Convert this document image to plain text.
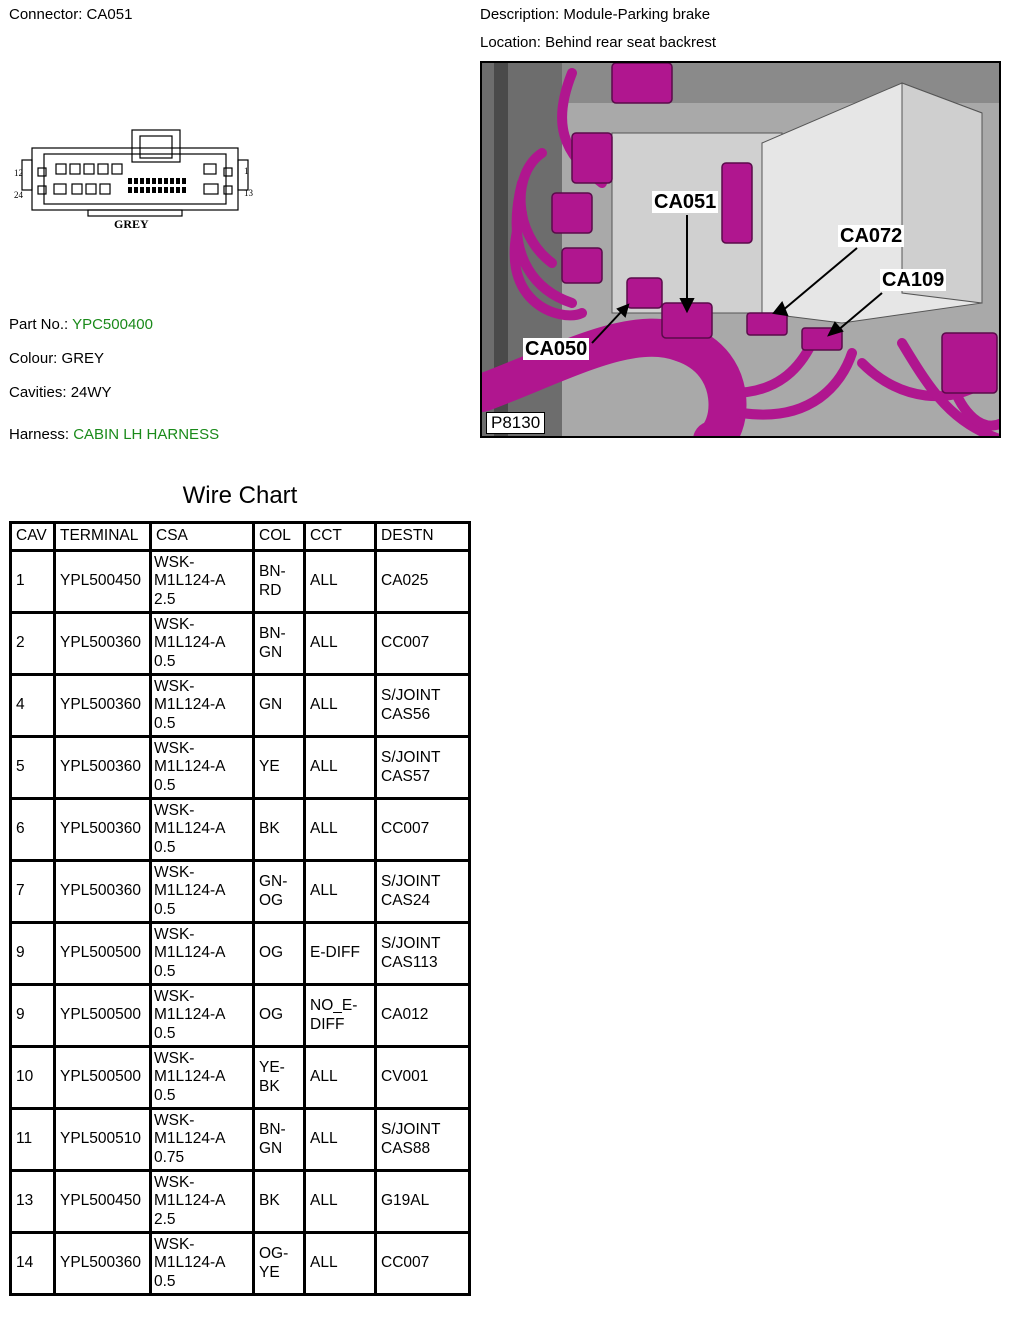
Connector: CA051	Description: Module-Parking brake
Location: Behind rear seat backrest
12	1
24	13
GREY
Part No.: YPC500400
Colour: GREY
Cavities: 24WY
Harness: CABIN LH HARNESS
CA051
CA072
CA109
CA050
P8130
Wire Chart
CAV	TERMINAL	CSA	COL	CCT	DESTN
1	YPL500450	WSK-M1L124-A 2.5	BN-RD	ALL	CA025
2	YPL500360	WSK-M1L124-A 0.5	BN-GN	ALL	CC007
4	YPL500360	WSK-M1L124-A 0.5	GN	ALL	S/JOINT CAS56
5	YPL500360	WSK-M1L124-A 0.5	YE	ALL	S/JOINT CAS57
6	YPL500360	WSK-M1L124-A 0.5	BK	ALL	CC007
7	YPL500360	WSK-M1L124-A 0.5	GN-OG	ALL	S/JOINT CAS24
9	YPL500500	WSK-M1L124-A 0.5	OG	E-DIFF	S/JOINT CAS113
9	YPL500500	WSK-M1L124-A 0.5	OG	NO_E-DIFF	CA012
10	YPL500500	WSK-M1L124-A 0.5	YE-BK	ALL	CV001
11	YPL500510	WSK-M1L124-A 0.75	BN-GN	ALL	S/JOINT CAS88
13	YPL500450	WSK-M1L124-A 2.5	BK	ALL	G19AL
14	YPL500360	WSK-M1L124-A 0.5	OG-YE	ALL	CC007
